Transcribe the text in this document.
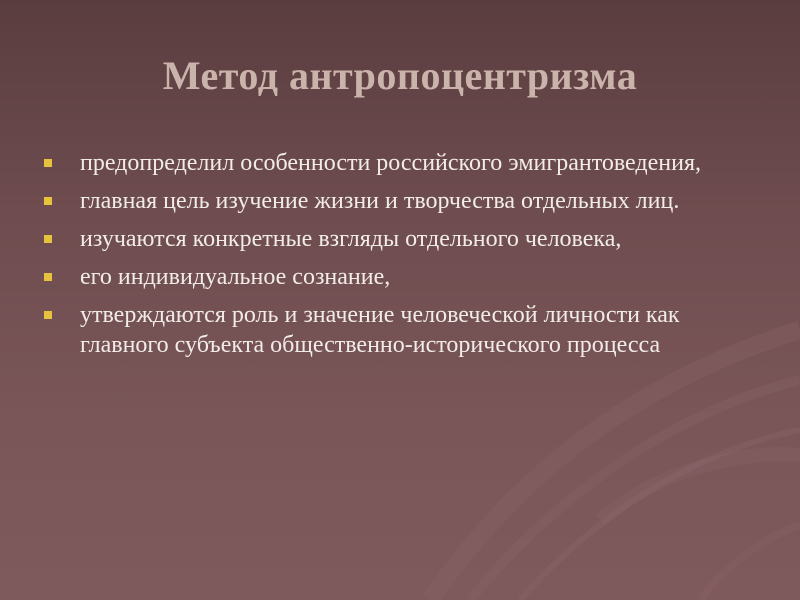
Метод антропоцентризма
предопределил особенности российского эмигрантоведения,
главная цель изучение жизни и творчества отдельных лиц.
изучаются конкретные взгляды отдельного человека,
его индивидуальное сознание,
утверждаются роль и значение человеческой личности как главного субъекта общественно-исторического процесса
